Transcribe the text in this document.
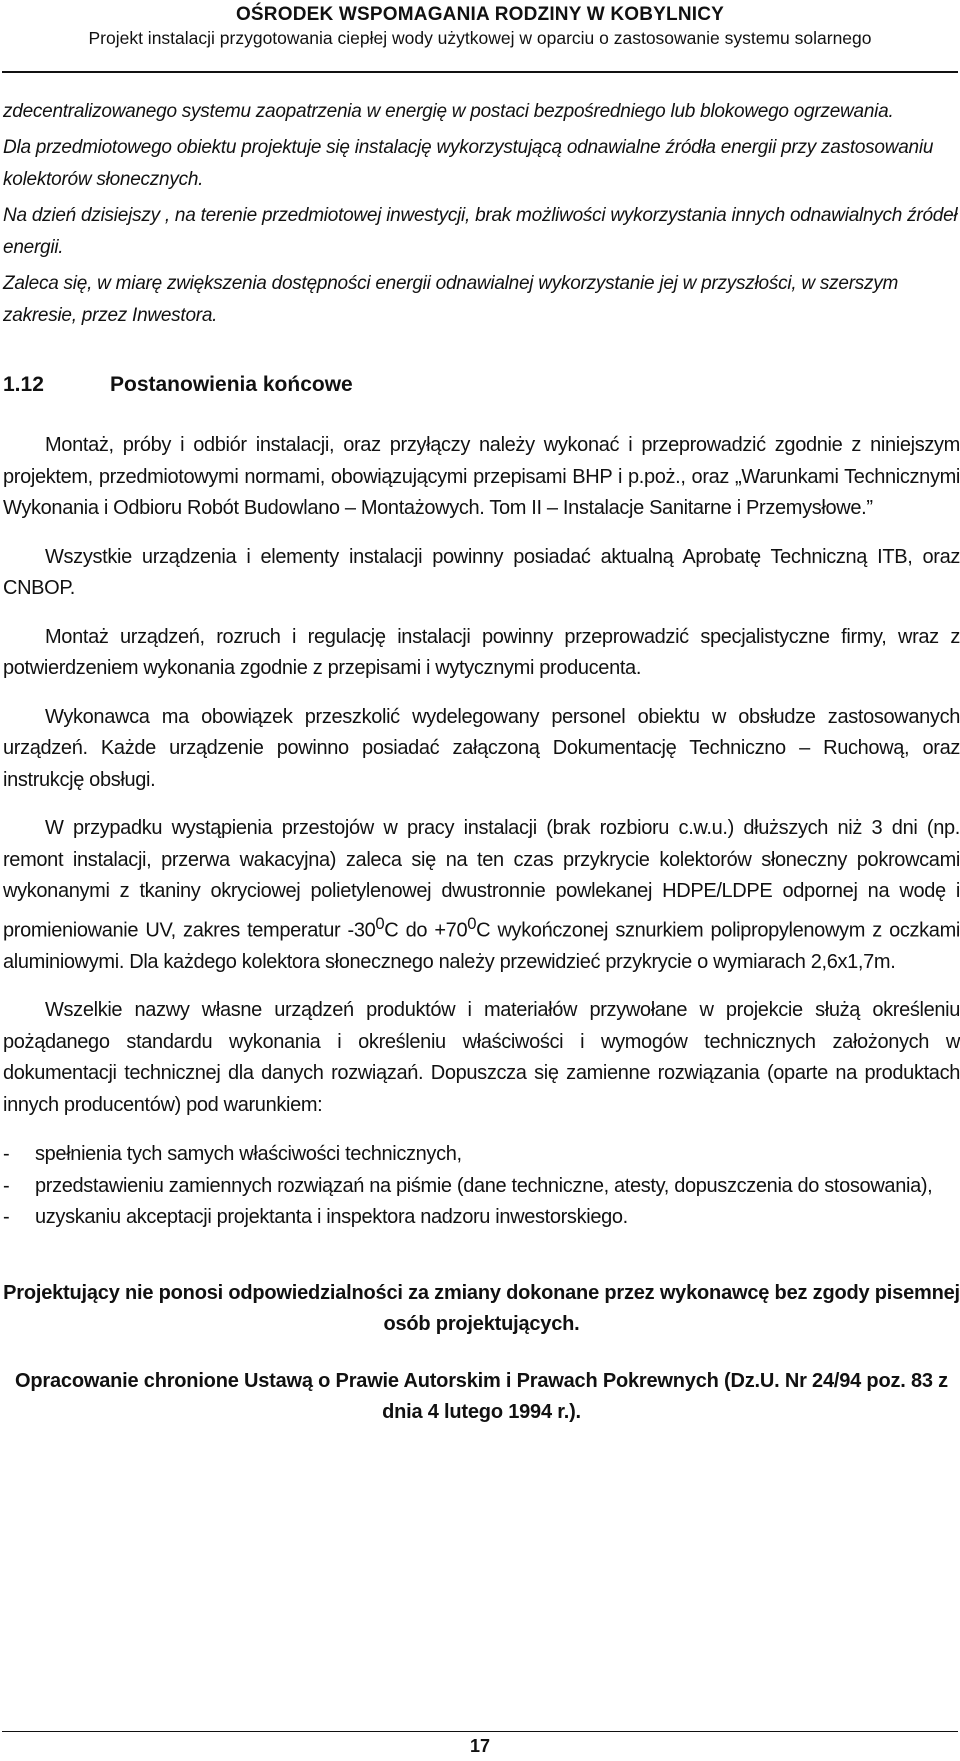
OŚRODEK WSPOMAGANIA RODZINY W KOBYLNICY
Projekt instalacji przygotowania ciepłej wody użytkowej w oparciu o zastosowanie systemu solarnego

zdecentralizowanego systemu zaopatrzenia w energię w postaci bezpośredniego lub blokowego ogrzewania.

Dla przedmiotowego obiektu projektuje się instalację wykorzystującą odnawialne źródła energii przy zastosowaniu kolektorów słonecznych.

Na dzień dzisiejszy , na terenie przedmiotowej inwestycji, brak możliwości wykorzystania innych odnawialnych źródeł energii.

Zaleca się, w miarę zwiększenia dostępności energii odnawialnej wykorzystanie jej w przyszłości, w szerszym zakresie, przez Inwestora.

1.12	Postanowienia końcowe

Montaż, próby i odbiór instalacji, oraz przyłączy należy wykonać i przeprowadzić zgodnie z niniejszym projektem, przedmiotowymi normami, obowiązującymi przepisami BHP i p.poż., oraz „Warunkami Technicznymi Wykonania i Odbioru Robót Budowlano – Montażowych. Tom II – Instalacje Sanitarne i Przemysłowe.”

Wszystkie urządzenia i elementy instalacji powinny posiadać aktualną Aprobatę Techniczną ITB, oraz CNBOP.

Montaż urządzeń, rozruch i regulację instalacji powinny przeprowadzić specjalistyczne firmy, wraz z potwierdzeniem wykonania zgodnie z przepisami i wytycznymi producenta.

Wykonawca ma obowiązek przeszkolić wydelegowany personel obiektu w obsłudze zastosowanych urządzeń. Każde urządzenie powinno posiadać załączoną Dokumentację Techniczno – Ruchową, oraz instrukcję obsługi.

W przypadku wystąpienia przestojów w pracy instalacji (brak rozbioru c.w.u.) dłuższych niż 3 dni (np. remont instalacji, przerwa wakacyjna) zaleca się na ten czas przykrycie kolektorów słoneczny pokrowcami wykonanymi z tkaniny okryciowej polietylenowej dwustronnie powlekanej HDPE/LDPE odpornej na wodę i promieniowanie UV, zakres temperatur $-30^0C$ do $+70^0C$ wykończonej sznurkiem polipropylenowym z oczkami aluminiowymi. Dla każdego kolektora słonecznego należy przewidzieć przykrycie o wymiarach 2,6x1,7m.

Wszelkie nazwy własne urządzeń produktów i materiałów przywołane w projekcie służą określeniu pożądanego standardu wykonania i określeniu właściwości i wymogów technicznych założonych w dokumentacji technicznej dla danych rozwiązań. Dopuszcza się zamienne rozwiązania (oparte na produktach innych producentów) pod warunkiem:

- spełnienia tych samych właściwości technicznych,
- przedstawieniu zamiennych rozwiązań na piśmie (dane techniczne, atesty, dopuszczenia do stosowania),
- uzyskaniu akceptacji projektanta i inspektora nadzoru inwestorskiego.

Projektujący nie ponosi odpowiedzialności za zmiany dokonane przez wykonawcę bez zgody pisemnej osób projektujących.

Opracowanie chronione Ustawą o Prawie Autorskim i Prawach Pokrewnych (Dz.U. Nr 24/94 poz. 83 z dnia 4 lutego 1994 r.).

17
